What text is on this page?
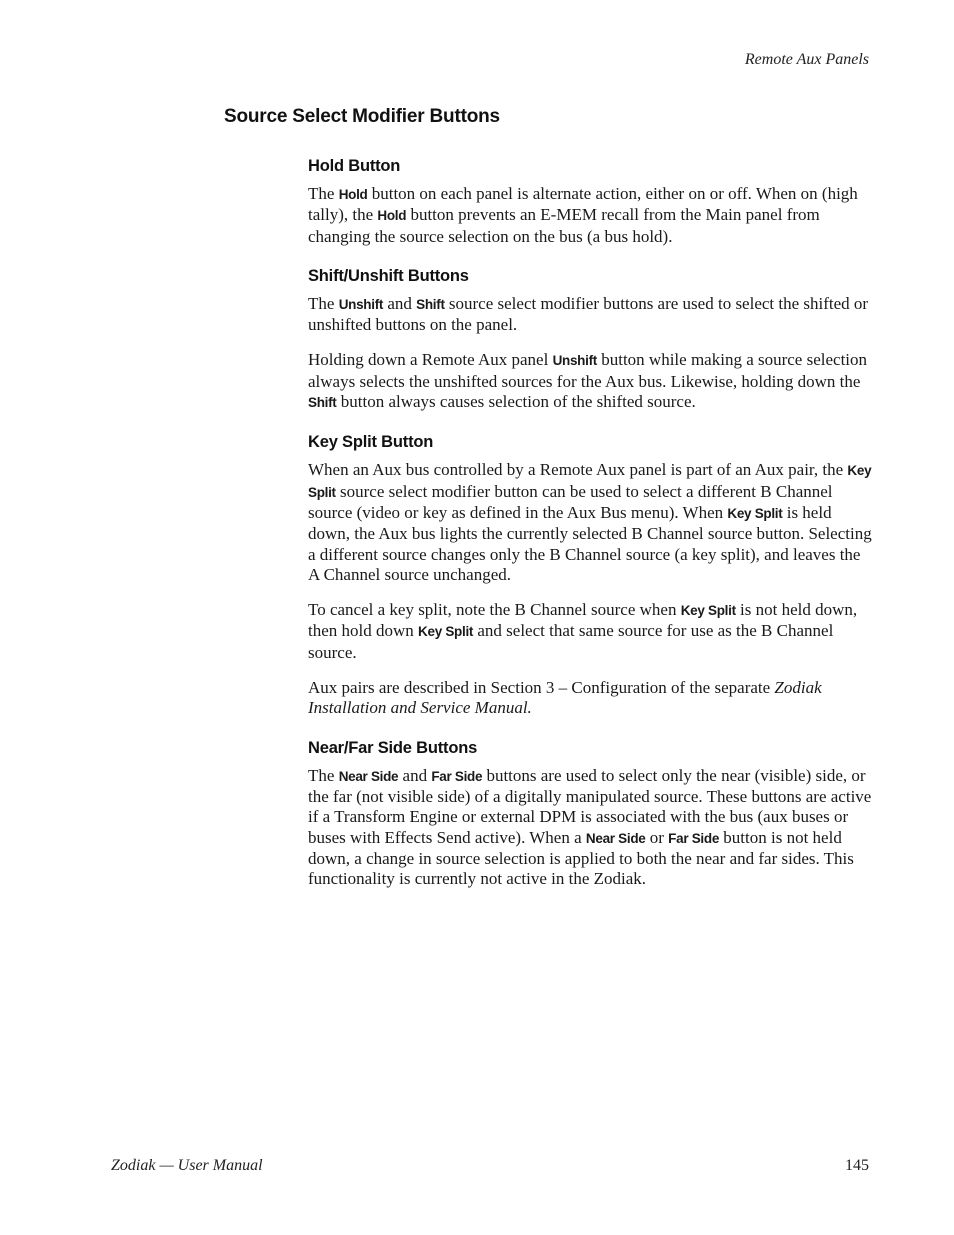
Remote Aux Panels
Source Select Modifier Buttons
Hold Button

The Hold button on each panel is alternate action, either on or off. When on (high tally), the Hold button prevents an E-MEM recall from the Main panel from changing the source selection on the bus (a bus hold).

Shift/Unshift Buttons

The Unshift and Shift source select modifier buttons are used to select the shifted or unshifted buttons on the panel.

Holding down a Remote Aux panel Unshift button while making a source selection always selects the unshifted sources for the Aux bus. Likewise, holding down the Shift button always causes selection of the shifted source.

Key Split Button

When an Aux bus controlled by a Remote Aux panel is part of an Aux pair, the Key Split source select modifier button can be used to select a different B Channel source (video or key as defined in the Aux Bus menu). When Key Split is held down, the Aux bus lights the currently selected B Channel source button. Selecting a different source changes only the B Channel source (a key split), and leaves the A Channel source unchanged.

To cancel a key split, note the B Channel source when Key Split is not held down, then hold down Key Split and select that same source for use as the B Channel source.

Aux pairs are described in Section 3 – Configuration of the separate Zodiak Installation and Service Manual.

Near/Far Side Buttons

The Near Side and Far Side buttons are used to select only the near (visible) side, or the far (not visible side) of a digitally manipulated source. These buttons are active if a Transform Engine or external DPM is associated with the bus (aux buses or buses with Effects Send active). When a Near Side or Far Side button is not held down, a change in source selection is applied to both the near and far sides. This functionality is currently not active in the Zodiak.

Zodiak — User Manual	145
